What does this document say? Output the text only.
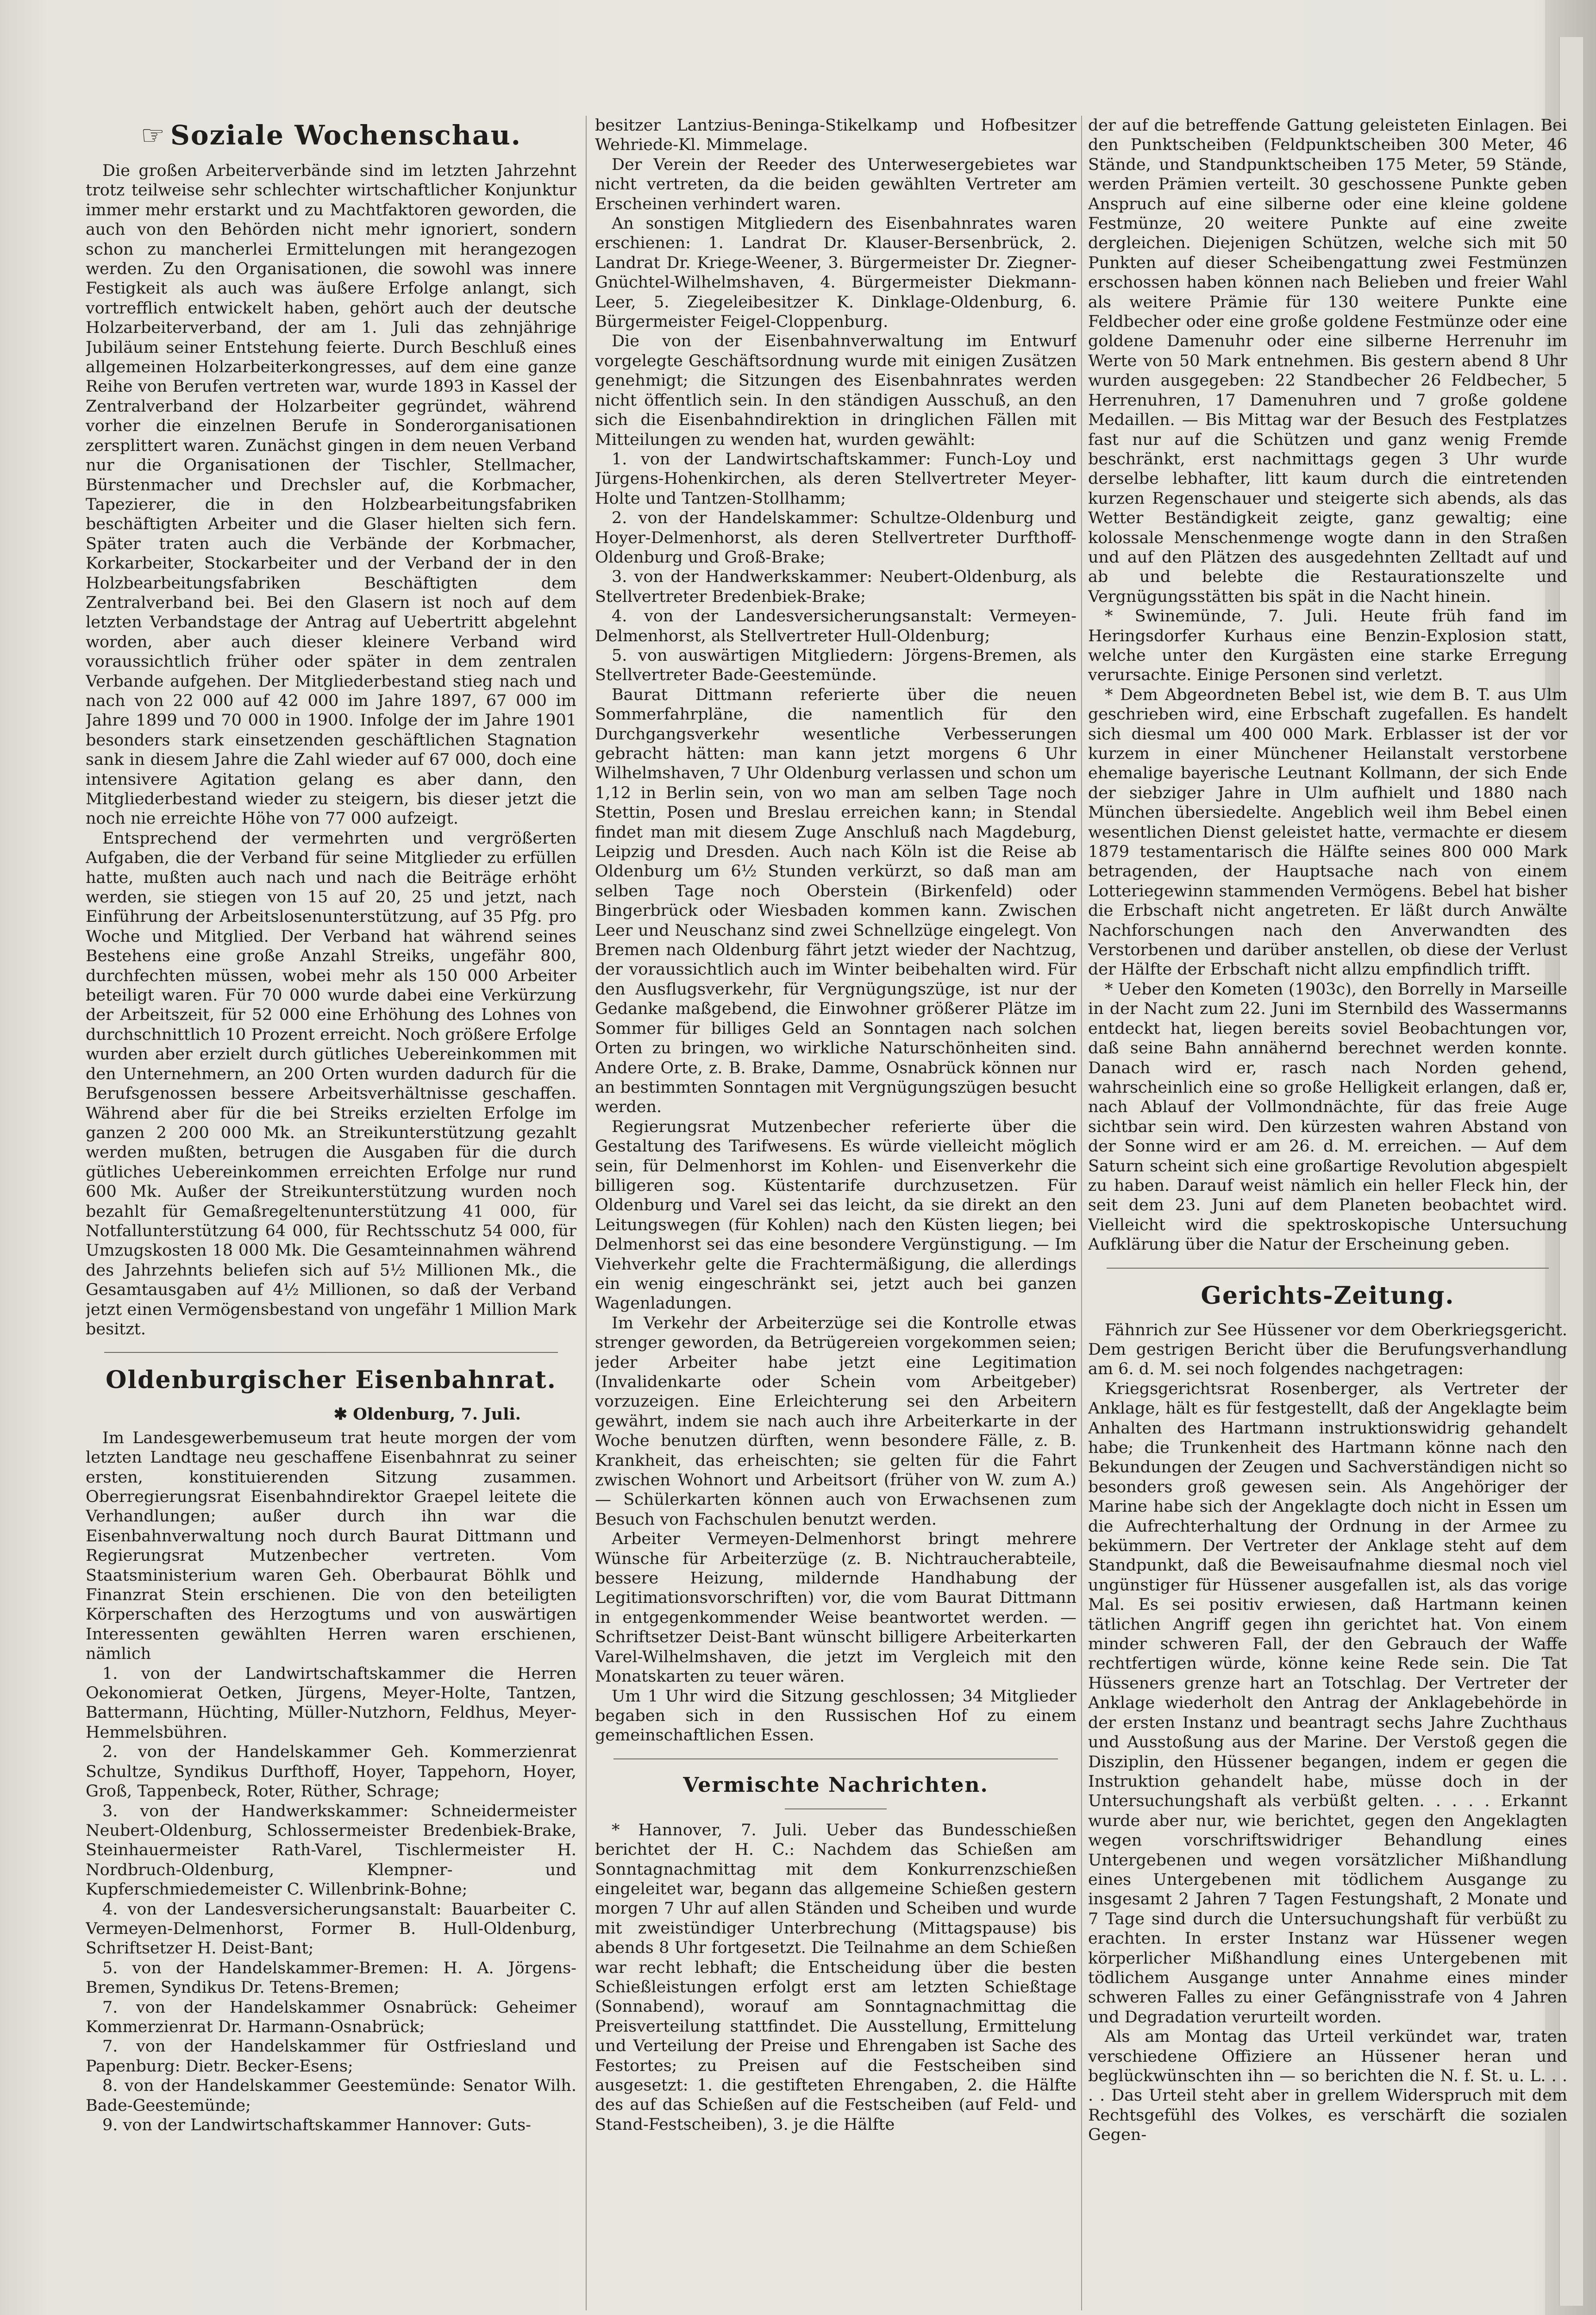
☞ Soziale Wochenschau.

Die großen Arbeiterverbände sind im letzten Jahrzehnt trotz teilweise sehr schlechter wirtschaftlicher Konjunktur immer mehr erstarkt und zu Machtfaktoren geworden, die auch von den Behörden nicht mehr ignoriert, sondern schon zu mancherlei Ermittelungen mit herangezogen werden. Zu den Organisationen, die sowohl was innere Festigkeit als auch was äußere Erfolge anlangt, sich vortrefflich entwickelt haben, gehört auch der deutsche Holzarbeiterverband, der am 1. Juli das zehnjährige Jubiläum seiner Entstehung feierte. Durch Beschluß eines allgemeinen Holzarbeiterkongresses, auf dem eine ganze Reihe von Berufen vertreten war, wurde 1893 in Kassel der Zentralverband der Holzarbeiter gegründet, während vorher die einzelnen Berufe in Sonderorganisationen zersplittert waren. Zunächst gingen in dem neuen Verband nur die Organisationen der Tischler, Stellmacher, Bürstenmacher und Drechsler auf, die Korbmacher, Tapezierer, die in den Holzbearbeitungsfabriken beschäftigten Arbeiter und die Glaser hielten sich fern. Später traten auch die Verbände der Korbmacher, Korkarbeiter, Stockarbeiter und der Verband der in den Holzbearbeitungsfabriken Beschäftigten dem Zentralverband bei. Bei den Glasern ist noch auf dem letzten Verbandstage der Antrag auf Uebertritt abgelehnt worden, aber auch dieser kleinere Verband wird voraussichtlich früher oder später in dem zentralen Verbande aufgehen. Der Mitgliederbestand stieg nach und nach von 22 000 auf 42 000 im Jahre 1897, 67 000 im Jahre 1899 und 70 000 in 1900. Infolge der im Jahre 1901 besonders stark einsetzenden geschäftlichen Stagnation sank in diesem Jahre die Zahl wieder auf 67 000, doch eine intensivere Agitation gelang es aber dann, den Mitgliederbestand wieder zu steigern, bis dieser jetzt die noch nie erreichte Höhe von 77 000 aufzeigt.

Entsprechend der vermehrten und vergrößerten Aufgaben, die der Verband für seine Mitglieder zu erfüllen hatte, mußten auch nach und nach die Beiträge erhöht werden, sie stiegen von 15 auf 20, 25 und jetzt, nach Einführung der Arbeitslosenunterstützung, auf 35 Pfg. pro Woche und Mitglied. Der Verband hat während seines Bestehens eine große Anzahl Streiks, ungefähr 800, durchfechten müssen, wobei mehr als 150 000 Arbeiter beteiligt waren. Für 70 000 wurde dabei eine Verkürzung der Arbeitszeit, für 52 000 eine Erhöhung des Lohnes von durchschnittlich 10 Prozent erreicht. Noch größere Erfolge wurden aber erzielt durch gütliches Uebereinkommen mit den Unternehmern, an 200 Orten wurden dadurch für die Berufsgenossen bessere Arbeitsverhältnisse geschaffen. Während aber für die bei Streiks erzielten Erfolge im ganzen 2 200 000 Mk. an Streikunterstützung gezahlt werden mußten, betrugen die Ausgaben für die durch gütliches Uebereinkommen erreichten Erfolge nur rund 600 Mk. Außer der Streikunterstützung wurden noch bezahlt für Gemaßregeltenunterstützung 41 000, für Notfallunterstützung 64 000, für Rechtsschutz 54 000, für Umzugskosten 18 000 Mk. Die Gesamteinnahmen während des Jahrzehnts beliefen sich auf 5½ Millionen Mk., die Gesamtausgaben auf 4½ Millionen, so daß der Verband jetzt einen Vermögensbestand von ungefähr 1 Million Mark besitzt.

Oldenburgischer Eisenbahnrat.

✱ Oldenburg, 7. Juli.

Im Landesgewerbemuseum trat heute morgen der vom letzten Landtage neu geschaffene Eisenbahnrat zu seiner ersten, konstituierenden Sitzung zusammen. Oberregierungsrat Eisenbahndirektor Graepel leitete die Verhandlungen; außer durch ihn war die Eisenbahnverwaltung noch durch Baurat Dittmann und Regierungsrat Mutzenbecher vertreten. Vom Staatsministerium waren Geh. Oberbaurat Böhlk und Finanzrat Stein erschienen. Die von den beteiligten Körperschaften des Herzogtums und von auswärtigen Interessenten gewählten Herren waren erschienen, nämlich

1. von der Landwirtschaftskammer die Herren Oekonomierat Oetken, Jürgens, Meyer-Holte, Tantzen, Battermann, Hüchting, Müller-Nutzhorn, Feldhus, Meyer-Hemmelsbühren.

2. von der Handelskammer Geh. Kommerzienrat Schultze, Syndikus Durfthoff, Hoyer, Tappehorn, Hoyer, Groß, Tappenbeck, Roter, Rüther, Schrage;

3. von der Handwerkskammer: Schneidermeister Neubert-Oldenburg, Schlossermeister Bredenbiek-Brake, Steinhauermeister Rath-Varel, Tischlermeister H. Nordbruch-Oldenburg, Klempner- und Kupferschmiedemeister C. Willenbrink-Bohne;

4. von der Landesversicherungsanstalt: Bauarbeiter C. Vermeyen-Delmenhorst, Former B. Hull-Oldenburg, Schriftsetzer H. Deist-Bant;

5. von der Handelskammer-Bremen: H. A. Jörgens-Bremen, Syndikus Dr. Tetens-Bremen;

7. von der Handelskammer Osnabrück: Geheimer Kommerzienrat Dr. Harmann-Osnabrück;

7. von der Handelskammer für Ostfriesland und Papenburg: Dietr. Becker-Esens;

8. von der Handelskammer Geestemünde: Senator Wilh. Bade-Geestemünde;

9. von der Landwirtschaftskammer Hannover: Guts-

besitzer Lantzius-Beninga-Stikelkamp und Hofbesitzer Wehriede-Kl. Mimmelage.

Der Verein der Reeder des Unterwesergebietes war nicht vertreten, da die beiden gewählten Vertreter am Erscheinen verhindert waren.

An sonstigen Mitgliedern des Eisenbahnrates waren erschienen: 1. Landrat Dr. Klauser-Bersenbrück, 2. Landrat Dr. Kriege-Weener, 3. Bürgermeister Dr. Ziegner-Gnüchtel-Wilhelmshaven, 4. Bürgermeister Diekmann-Leer, 5. Ziegeleibesitzer K. Dinklage-Oldenburg, 6. Bürgermeister Feigel-Cloppenburg.

Die von der Eisenbahnverwaltung im Entwurf vorgelegte Geschäftsordnung wurde mit einigen Zusätzen genehmigt; die Sitzungen des Eisenbahnrates werden nicht öffentlich sein. In den ständigen Ausschuß, an den sich die Eisenbahndirektion in dringlichen Fällen mit Mitteilungen zu wenden hat, wurden gewählt:

1. von der Landwirtschaftskammer: Funch-Loy und Jürgens-Hohenkirchen, als deren Stellvertreter Meyer-Holte und Tantzen-Stollhamm;

2. von der Handelskammer: Schultze-Oldenburg und Hoyer-Delmenhorst, als deren Stellvertreter Durfthoff-Oldenburg und Groß-Brake;

3. von der Handwerkskammer: Neubert-Oldenburg, als Stellvertreter Bredenbiek-Brake;

4. von der Landesversicherungsanstalt: Vermeyen-Delmenhorst, als Stellvertreter Hull-Oldenburg;

5. von auswärtigen Mitgliedern: Jörgens-Bremen, als Stellvertreter Bade-Geestemünde.

Baurat Dittmann referierte über die neuen Sommerfahrpläne, die namentlich für den Durchgangsverkehr wesentliche Verbesserungen gebracht hätten: man kann jetzt morgens 6 Uhr Wilhelmshaven, 7 Uhr Oldenburg verlassen und schon um 1,12 in Berlin sein, von wo man am selben Tage noch Stettin, Posen und Breslau erreichen kann; in Stendal findet man mit diesem Zuge Anschluß nach Magdeburg, Leipzig und Dresden. Auch nach Köln ist die Reise ab Oldenburg um 6½ Stunden verkürzt, so daß man am selben Tage noch Oberstein (Birkenfeld) oder Bingerbrück oder Wiesbaden kommen kann. Zwischen Leer und Neuschanz sind zwei Schnellzüge eingelegt. Von Bremen nach Oldenburg fährt jetzt wieder der Nachtzug, der voraussichtlich auch im Winter beibehalten wird. Für den Ausflugsverkehr, für Vergnügungszüge, ist nur der Gedanke maßgebend, die Einwohner größerer Plätze im Sommer für billiges Geld an Sonntagen nach solchen Orten zu bringen, wo wirkliche Naturschönheiten sind. Andere Orte, z. B. Brake, Damme, Osnabrück können nur an bestimmten Sonntagen mit Vergnügungszügen besucht werden.

Regierungsrat Mutzenbecher referierte über die Gestaltung des Tarifwesens. Es würde vielleicht möglich sein, für Delmenhorst im Kohlen- und Eisenverkehr die billigeren sog. Küstentarife durchzusetzen. Für Oldenburg und Varel sei das leicht, da sie direkt an den Leitungswegen (für Kohlen) nach den Küsten liegen; bei Delmenhorst sei das eine besondere Vergünstigung. — Im Viehverkehr gelte die Frachtermäßigung, die allerdings ein wenig eingeschränkt sei, jetzt auch bei ganzen Wagenladungen.

Im Verkehr der Arbeiterzüge sei die Kontrolle etwas strenger geworden, da Betrügereien vorgekommen seien; jeder Arbeiter habe jetzt eine Legitimation (Invalidenkarte oder Schein vom Arbeitgeber) vorzuzeigen. Eine Erleichterung sei den Arbeitern gewährt, indem sie nach auch ihre Arbeiterkarte in der Woche benutzen dürften, wenn besondere Fälle, z. B. Krankheit, das erheischten; sie gelten für die Fahrt zwischen Wohnort und Arbeitsort (früher von W. zum A.) — Schülerkarten können auch von Erwachsenen zum Besuch von Fachschulen benutzt werden.

Arbeiter Vermeyen-Delmenhorst bringt mehrere Wünsche für Arbeiterzüge (z. B. Nichtraucherabteile, bessere Heizung, mildernde Handhabung der Legitimationsvorschriften) vor, die vom Baurat Dittmann in entgegenkommender Weise beantwortet werden. — Schriftsetzer Deist-Bant wünscht billigere Arbeiterkarten Varel-Wilhelmshaven, die jetzt im Vergleich mit den Monatskarten zu teuer wären.

Um 1 Uhr wird die Sitzung geschlossen; 34 Mitglieder begaben sich in den Russischen Hof zu einem gemeinschaftlichen Essen.

Vermischte Nachrichten.

* Hannover, 7. Juli. Ueber das Bundesschießen berichtet der H. C.: Nachdem das Schießen am Sonntagnachmittag mit dem Konkurrenzschießen eingeleitet war, begann das allgemeine Schießen gestern morgen 7 Uhr auf allen Ständen und Scheiben und wurde mit zweistündiger Unterbrechung (Mittagspause) bis abends 8 Uhr fortgesetzt. Die Teilnahme an dem Schießen war recht lebhaft; die Entscheidung über die besten Schießleistungen erfolgt erst am letzten Schießtage (Sonnabend), worauf am Sonntagnachmittag die Preisverteilung stattfindet. Die Ausstellung, Ermittelung und Verteilung der Preise und Ehrengaben ist Sache des Festortes; zu Preisen auf die Festscheiben sind ausgesetzt: 1. die gestifteten Ehrengaben, 2. die Hälfte des auf das Schießen auf die Festscheiben (auf Feld- und Stand-Festscheiben), 3. je die Hälfte

der auf die betreffende Gattung geleisteten Einlagen. Bei den Punktscheiben (Feldpunktscheiben 300 Meter, 46 Stände, und Standpunktscheiben 175 Meter, 59 Stände, werden Prämien verteilt. 30 geschossene Punkte geben Anspruch auf eine silberne oder eine kleine goldene Festmünze, 20 weitere Punkte auf eine zweite dergleichen. Diejenigen Schützen, welche sich mit 50 Punkten auf dieser Scheibengattung zwei Festmünzen erschossen haben können nach Belieben und freier Wahl als weitere Prämie für 130 weitere Punkte eine Feldbecher oder eine große goldene Festmünze oder eine goldene Damenuhr oder eine silberne Herrenuhr im Werte von 50 Mark entnehmen. Bis gestern abend 8 Uhr wurden ausgegeben: 22 Standbecher 26 Feldbecher, 5 Herrenuhren, 17 Damenuhren und 7 große goldene Medaillen. — Bis Mittag war der Besuch des Festplatzes fast nur auf die Schützen und ganz wenig Fremde beschränkt, erst nachmittags gegen 3 Uhr wurde derselbe lebhafter, litt kaum durch die eintretenden kurzen Regenschauer und steigerte sich abends, als das Wetter Beständigkeit zeigte, ganz gewaltig; eine kolossale Menschenmenge wogte dann in den Straßen und auf den Plätzen des ausgedehnten Zelltadt auf und ab und belebte die Restaurationszelte und Vergnügungsstätten bis spät in die Nacht hinein.

* Swinemünde, 7. Juli. Heute früh fand im Heringsdorfer Kurhaus eine Benzin-Explosion statt, welche unter den Kurgästen eine starke Erregung verursachte. Einige Personen sind verletzt.

* Dem Abgeordneten Bebel ist, wie dem B. T. aus Ulm geschrieben wird, eine Erbschaft zugefallen. Es handelt sich diesmal um 400 000 Mark. Erblasser ist der vor kurzem in einer Münchener Heilanstalt verstorbene ehemalige bayerische Leutnant Kollmann, der sich Ende der siebziger Jahre in Ulm aufhielt und 1880 nach München übersiedelte. Angeblich weil ihm Bebel einen wesentlichen Dienst geleistet hatte, vermachte er diesem 1879 testamentarisch die Hälfte seines 800 000 Mark betragenden, der Hauptsache nach von einem Lotteriegewinn stammenden Vermögens. Bebel hat bisher die Erbschaft nicht angetreten. Er läßt durch Anwälte Nachforschungen nach den Anverwandten des Verstorbenen und darüber anstellen, ob diese der Verlust der Hälfte der Erbschaft nicht allzu empfindlich trifft.

* Ueber den Kometen (1903c), den Borrelly in Marseille in der Nacht zum 22. Juni im Sternbild des Wassermanns entdeckt hat, liegen bereits soviel Beobachtungen vor, daß seine Bahn annähernd berechnet werden konnte. Danach wird er, rasch nach Norden gehend, wahrscheinlich eine so große Helligkeit erlangen, daß er, nach Ablauf der Vollmondnächte, für das freie Auge sichtbar sein wird. Den kürzesten wahren Abstand von der Sonne wird er am 26. d. M. erreichen. — Auf dem Saturn scheint sich eine großartige Revolution abgespielt zu haben. Darauf weist nämlich ein heller Fleck hin, der seit dem 23. Juni auf dem Planeten beobachtet wird. Vielleicht wird die spektroskopische Untersuchung Aufklärung über die Natur der Erscheinung geben.

Gerichts-Zeitung.

Fähnrich zur See Hüssener vor dem Oberkriegsgericht. Dem gestrigen Bericht über die Berufungsverhandlung am 6. d. M. sei noch folgendes nachgetragen:

Kriegsgerichtsrat Rosenberger, als Vertreter der Anklage, hält es für festgestellt, daß der Angeklagte beim Anhalten des Hartmann instruktionswidrig gehandelt habe; die Trunkenheit des Hartmann könne nach den Bekundungen der Zeugen und Sachverständigen nicht so besonders groß gewesen sein. Als Angehöriger der Marine habe sich der Angeklagte doch nicht in Essen um die Aufrechterhaltung der Ordnung in der Armee zu bekümmern. Der Vertreter der Anklage steht auf dem Standpunkt, daß die Beweisaufnahme diesmal noch viel ungünstiger für Hüssener ausgefallen ist, als das vorige Mal. Es sei positiv erwiesen, daß Hartmann keinen tätlichen Angriff gegen ihn gerichtet hat. Von einem minder schweren Fall, der den Gebrauch der Waffe rechtfertigen würde, könne keine Rede sein. Die Tat Hüsseners grenze hart an Totschlag. Der Vertreter der Anklage wiederholt den Antrag der Anklagebehörde in der ersten Instanz und beantragt sechs Jahre Zuchthaus und Ausstoßung aus der Marine. Der Verstoß gegen die Disziplin, den Hüssener begangen, indem er gegen die Instruktion gehandelt habe, müsse doch in der Untersuchungshaft als verbüßt gelten. . . . . Erkannt wurde aber nur, wie berichtet, gegen den Angeklagten wegen vorschriftswidriger Behandlung eines Untergebenen und wegen vorsätzlicher Mißhandlung eines Untergebenen mit tödlichem Ausgange zu insgesamt 2 Jahren 7 Tagen Festungshaft, 2 Monate und 7 Tage sind durch die Untersuchungshaft für verbüßt zu erachten. In erster Instanz war Hüssener wegen körperlicher Mißhandlung eines Untergebenen mit tödlichem Ausgange unter Annahme eines minder schweren Falles zu einer Gefängnisstrafe von 4 Jahren und Degradation verurteilt worden.

Als am Montag das Urteil verkündet war, traten verschiedene Offiziere an Hüssener heran und beglückwünschten ihn — so berichten die N. f. St. u. L. . . . . Das Urteil steht aber in grellem Widerspruch mit dem Rechtsgefühl des Volkes, es verschärft die sozialen Gegen-
